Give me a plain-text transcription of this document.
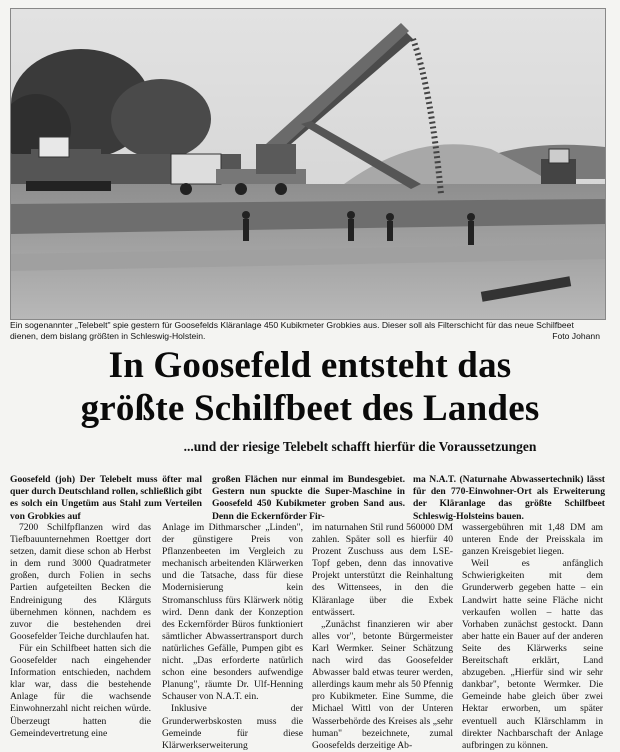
Ein sogenannter „Telebelt" spie gestern für Goosefelds Kläranlage 450 Kubikmeter Grobkies aus. Dieser soll als Filterschicht für das neue Schilfbeet dienen, dem bislang größten in Schleswig-Holstein.	Foto Johann
In Goosefeld entsteht das
größte Schilfbeet des Landes
...und der riesige Telebelt schafft hierfür die Voraussetzungen
Goosefeld (joh) Der Telebelt muss öfter mal quer durch Deutschland rollen, schließlich gibt es solch ein Ungetüm aus Stahl zum Verteilen von Grobkies auf
großen Flächen nur einmal im Bundesgebiet. Gestern nun spuckte die Super-Maschine in Goosefeld 450 Kubikmeter groben Sand aus. Denn die Eckernförder Fir-
ma N.A.T. (Naturnahe Abwassertechnik) lässt für den 770-Einwohner-Ort als Erweiterung der Kläranlage das größte Schilfbeet Schleswig-Holsteins bauen.

7200 Schilfpflanzen wird das Tiefbauunternehmen Roettger dort setzen, damit diese schon ab Herbst in dem rund 3000 Quadratmeter großen, durch Folien in sechs Partien aufgeteilten Becken die Endreinigung des Klärguts übernehmen können, nachdem es zuvor die bestehenden drei Goosefelder Teiche durchlaufen hat.

Für ein Schilfbeet hatten sich die Goosefelder nach eingehender Information entschieden, nachdem klar war, dass die bestehende Anlage für die wachsende Einwohnerzahl nicht reichen würde. Überzeugt hatten die Gemeindevertretung eine

Anlage im Dithmarscher „Linden", der günstigere Preis von Pflanzenbeeten im Vergleich zu mechanisch arbeitenden Klärwerken und die Tatsache, dass für diese Modernisierung kein Stromanschluss fürs Klärwerk nötig wird. Denn dank der Konzeption des Eckernförder Büros funktioniert sämtlicher Abwassertransport durch natürliches Gefälle, Pumpen gibt es nicht. „Das erforderte natürlich schon eine besonders aufwendige Planung", räumte Dr. Ulf-Henning Schauser von N.A.T. ein.

Inklusive der Grunderwerbskosten muss die Gemeinde für diese Klärwerkserweiterung

im naturnahen Stil rund 560000 DM zahlen. Später soll es hierfür 40 Prozent Zuschuss aus dem LSE-Topf geben, denn das innovative Projekt unterstützt die Reinhaltung des Wittensees, in den die Kläranlage über die Exbek entwässert.

„Zunächst finanzieren wir aber alles vor", betonte Bürgermeister Karl Wermker. Seiner Schätzung nach wird das Goosefelder Abwasser bald etwas teurer werden, allerdings kaum mehr als 50 Pfennig pro Kubikmeter. Eine Summe, die Michael Wittl von der Unteren Wasserbehörde des Kreises als „sehr human" bezeichnete, zumal Goosefelds derzeitige Ab-

wassergebühren mit 1,48 DM am unteren Ende der Preisskala im ganzen Kreisgebiet liegen.

Weil es anfänglich Schwierigkeiten mit dem Grunderwerb gegeben hatte – ein Landwirt hatte seine Fläche nicht verkaufen wollen – hatte das Vorhaben zunächst gestockt. Dann aber hatte ein Bauer auf der anderen Seite des Klärwerks seine Bereitschaft erklärt, Land abzugeben. „Hierfür sind wir sehr dankbar", betonte Wermker. Die Gemeinde habe gleich über zwei Hektar erworben, um später eventuell auch Klärschlamm in direkter Nachbarschaft der Anlage aufbringen zu können.
